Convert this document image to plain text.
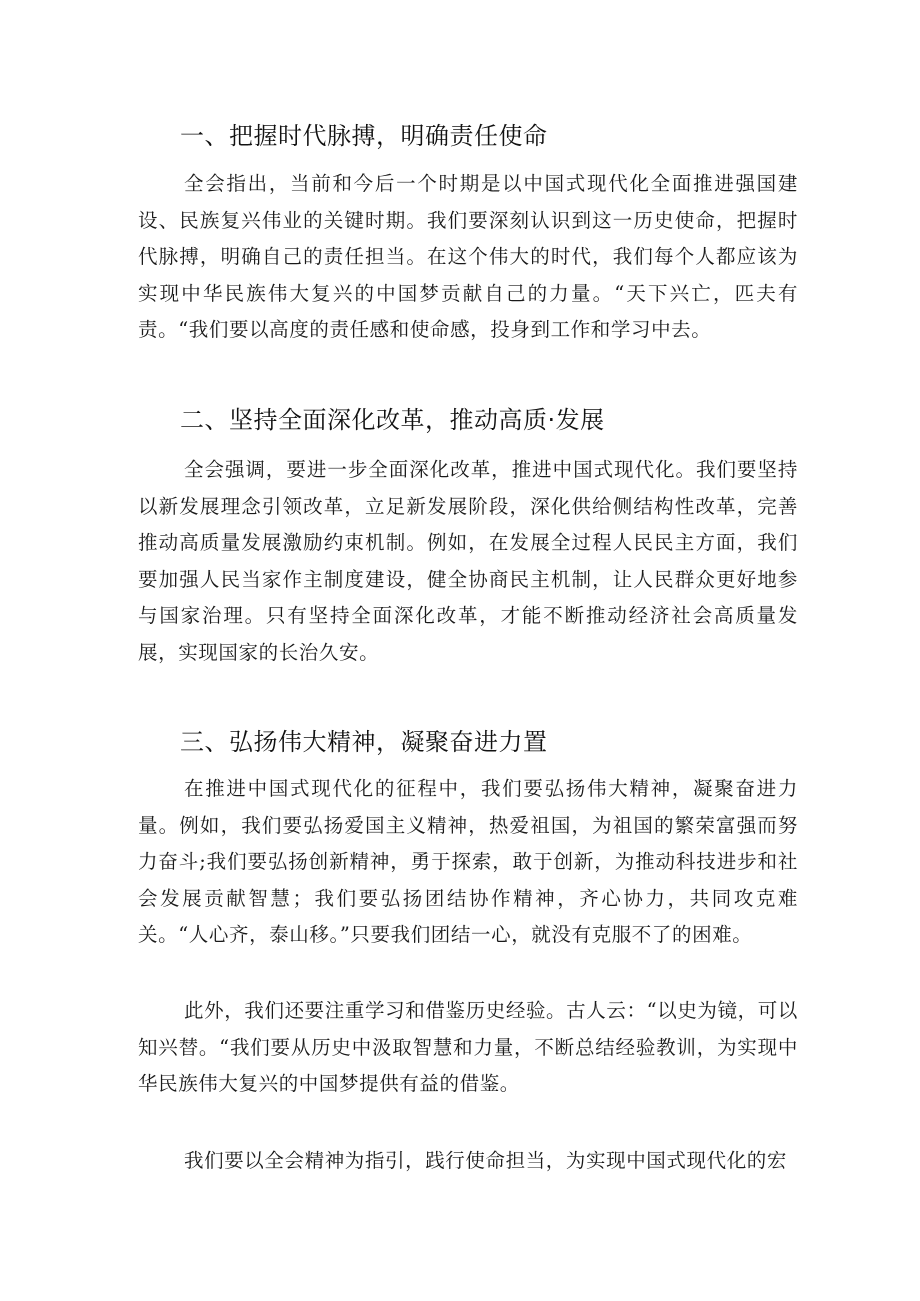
一、把握时代脉搏，明确责任使命

全会指出，当前和今后一个时期是以中国式现代化全面推进强国建设、民族复兴伟业的关键时期。我们要深刻认识到这一历史使命，把握时代脉搏，明确自己的责任担当。在这个伟大的时代，我们每个人都应该为实现中华民族伟大复兴的中国梦贡献自己的力量。“天下兴亡，匹夫有责。“我们要以高度的责任感和使命感，投身到工作和学习中去。

二、坚持全面深化改革，推动高质·发展

全会强调，要进一步全面深化改革，推进中国式现代化。我们要坚持以新发展理念引领改革，立足新发展阶段，深化供给侧结构性改革，完善推动高质量发展激励约束机制。例如，在发展全过程人民民主方面，我们要加强人民当家作主制度建设，健全协商民主机制，让人民群众更好地参与国家治理。只有坚持全面深化改革，才能不断推动经济社会高质量发展，实现国家的长治久安。

三、弘扬伟大精神，凝聚奋进力置

在推进中国式现代化的征程中，我们要弘扬伟大精神，凝聚奋进力量。例如，我们要弘扬爱国主义精神，热爱祖国，为祖国的繁荣富强而努力奋斗;我们要弘扬创新精神，勇于探索，敢于创新，为推动科技进步和社会发展贡献智慧；我们要弘扬团结协作精神，齐心协力，共同攻克难关。“人心齐，泰山移。”只要我们团结一心，就没有克服不了的困难。

此外，我们还要注重学习和借鉴历史经验。古人云：“以史为镜，可以知兴替。“我们要从历史中汲取智慧和力量，不断总结经验教训，为实现中华民族伟大复兴的中国梦提供有益的借鉴。

我们要以全会精神为指引，践行使命担当，为实现中国式现代化的宏
